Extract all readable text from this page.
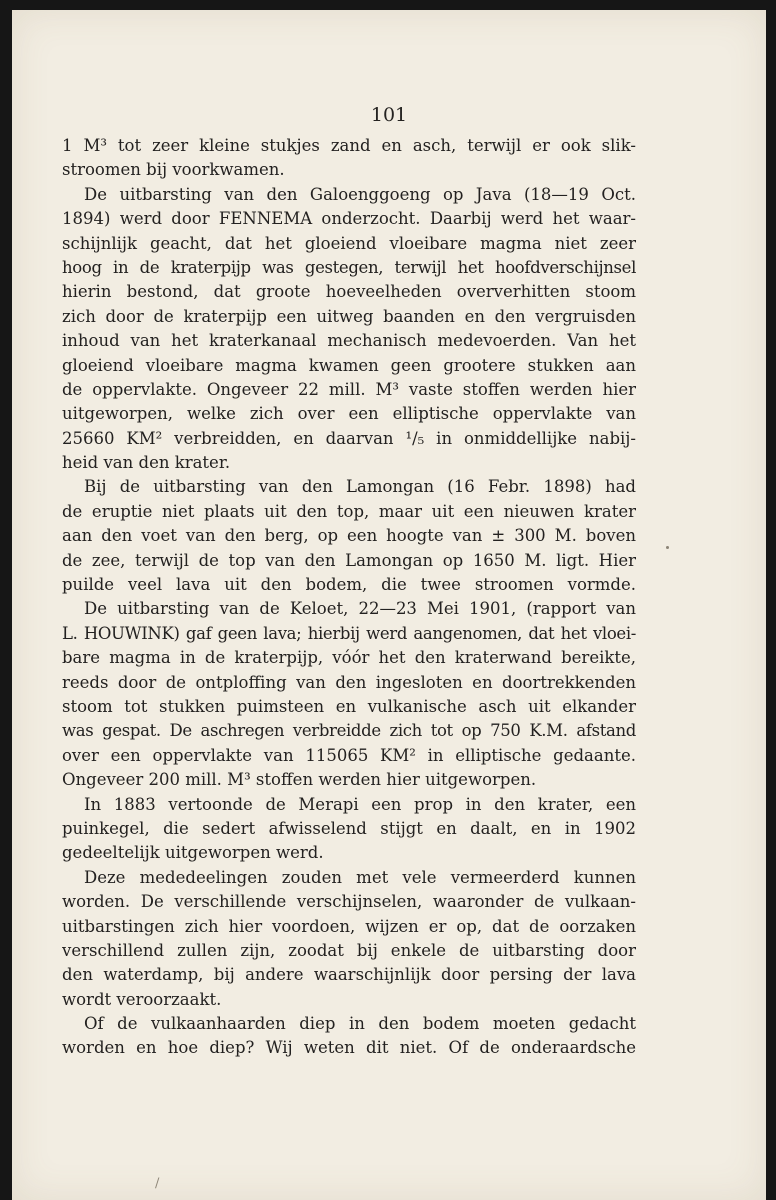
101
1 M³ tot zeer kleine stukjes zand en asch, terwijl er ook slik-
stroomen bij voorkwamen.
De uitbarsting van den Galoenggoeng op Java (18—19 Oct.
1894) werd door FENNEMA onderzocht. Daarbij werd het waar-
schijnlijk geacht, dat het gloeiend vloeibare magma niet zeer
hoog in de kraterpijp was gestegen, terwijl het hoofdverschijnsel
hierin bestond, dat groote hoeveelheden oververhitten stoom
zich door de kraterpijp een uitweg baanden en den vergruisden
inhoud van het kraterkanaal mechanisch medevoerden. Van het
gloeiend vloeibare magma kwamen geen grootere stukken aan
de oppervlakte. Ongeveer 22 mill. M³ vaste stoffen werden hier
uitgeworpen, welke zich over een elliptische oppervlakte van
25660 KM² verbreidden, en daarvan ¹/₅ in onmiddellijke nabij-
heid van den krater.
Bij de uitbarsting van den Lamongan (16 Febr. 1898) had
de eruptie niet plaats uit den top, maar uit een nieuwen krater
aan den voet van den berg, op een hoogte van ± 300 M. boven
de zee, terwijl de top van den Lamongan op 1650 M. ligt. Hier
puilde veel lava uit den bodem, die twee stroomen vormde.
De uitbarsting van de Keloet, 22—23 Mei 1901, (rapport van
L. HOUWINK) gaf geen lava; hierbij werd aangenomen, dat het vloei-
bare magma in de kraterpijp, vóór het den kraterwand bereikte,
reeds door de ontploffing van den ingesloten en doortrekkenden
stoom tot stukken puimsteen en vulkanische asch uit elkander
was gespat. De aschregen verbreidde zich tot op 750 K.M. afstand
over een oppervlakte van 115065 KM² in elliptische gedaante.
Ongeveer 200 mill. M³ stoffen werden hier uitgeworpen.
In 1883 vertoonde de Merapi een prop in den krater, een
puinkegel, die sedert afwisselend stijgt en daalt, en in 1902
gedeeltelijk uitgeworpen werd.
Deze mededeelingen zouden met vele vermeerderd kunnen
worden. De verschillende verschijnselen, waaronder de vulkaan-
uitbarstingen zich hier voordoen, wijzen er op, dat de oorzaken
verschillend zullen zijn, zoodat bij enkele de uitbarsting door
den waterdamp, bij andere waarschijnlijk door persing der lava
wordt veroorzaakt.
Of de vulkaanhaarden diep in den bodem moeten gedacht
worden en hoe diep? Wij weten dit niet. Of de onderaardsche
/
